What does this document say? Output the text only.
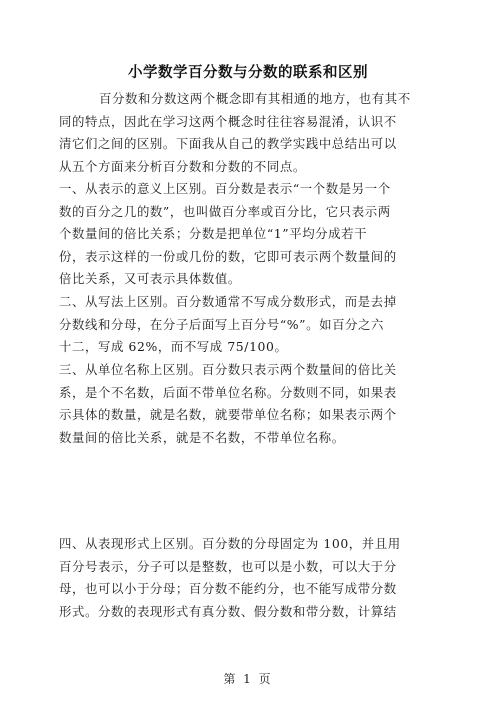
小学数学百分数与分数的联系和区别
百分数和分数这两个概念即有其相通的地方，也有其不
同的特点，因此在学习这两个概念时往往容易混淆，认识不
清它们之间的区别。下面我从自己的教学实践中总结出可以
从五个方面来分析百分数和分数的不同点。
一、从表示的意义上区别。百分数是表示“一个数是另一个
数的百分之几的数”，也叫做百分率或百分比，它只表示两
个数量间的倍比关系；分数是把单位“1”平均分成若干
份，表示这样的一份或几份的数，它即可表示两个数量间的
倍比关系，又可表示具体数值。
二、从写法上区别。百分数通常不写成分数形式，而是去掉
分数线和分母，在分子后面写上百分号“%”。如百分之六
十二，写成 62%，而不写成 75/100。
三、从单位名称上区别。百分数只表示两个数量间的倍比关
系，是个不名数，后面不带单位名称。分数则不同，如果表
示具体的数量，就是名数，就要带单位名称；如果表示两个
数量间的倍比关系，就是不名数，不带单位名称。
四、从表现形式上区别。百分数的分母固定为 100，并且用
百分号表示，分子可以是整数，也可以是小数，可以大于分
母，也可以小于分母；百分数不能约分，也不能写成带分数
形式。分数的表现形式有真分数、假分数和带分数，计算结
第 1 页
